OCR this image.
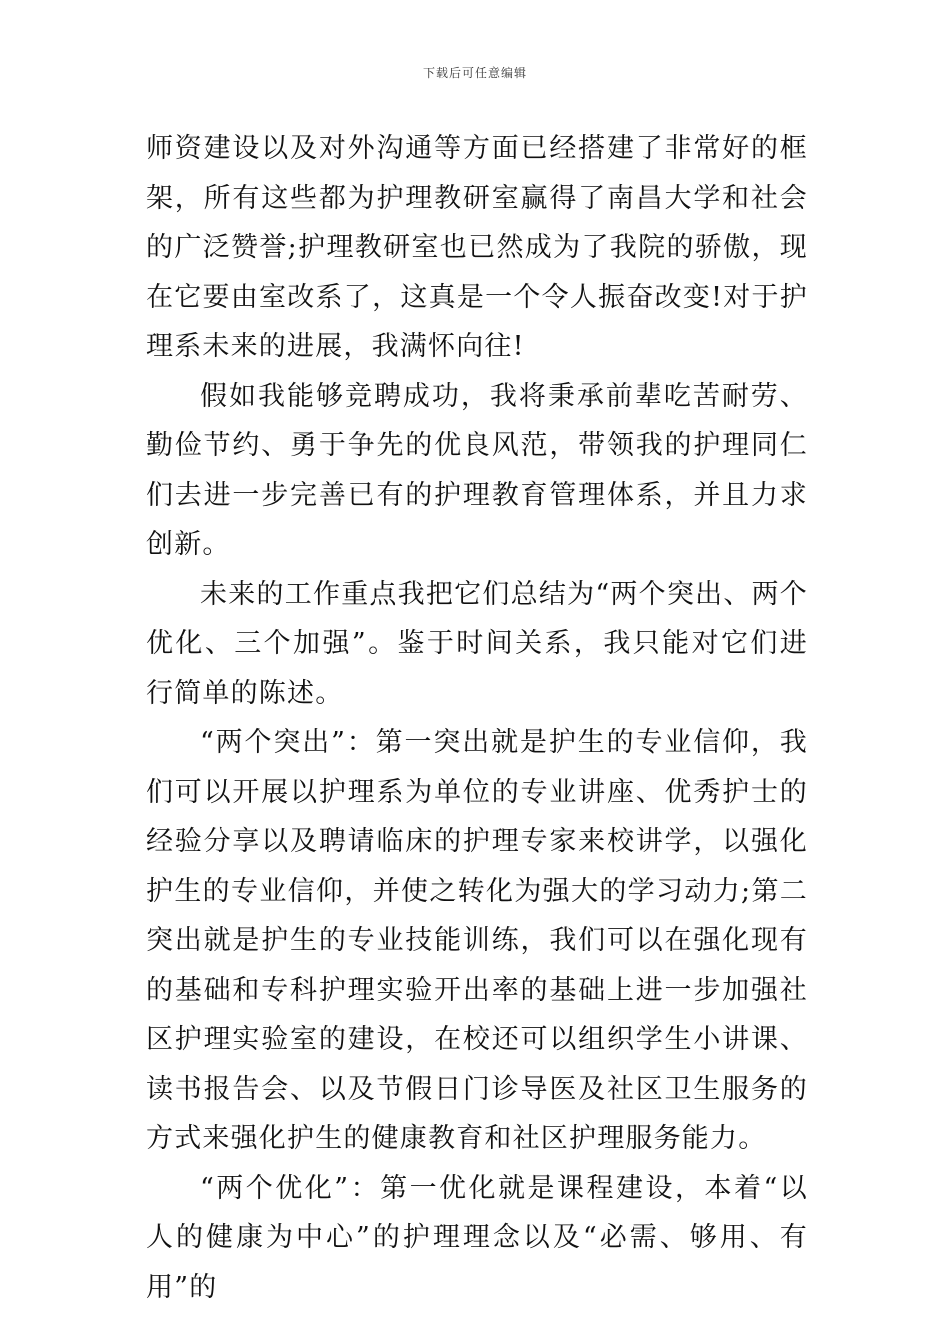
下载后可任意编辑

师资建设以及对外沟通等方面已经搭建了非常好的框架，所有这些都为护理教研室赢得了南昌大学和社会的广泛赞誉;护理教研室也已然成为了我院的骄傲，现在它要由室改系了，这真是一个令人振奋改变!对于护理系未来的进展，我满怀向往!

假如我能够竞聘成功，我将秉承前辈吃苦耐劳、勤俭节约、勇于争先的优良风范，带领我的护理同仁们去进一步完善已有的护理教育管理体系，并且力求创新。

未来的工作重点我把它们总结为“两个突出、两个优化、三个加强”。鉴于时间关系，我只能对它们进行简单的陈述。

“两个突出”：第一突出就是护生的专业信仰，我们可以开展以护理系为单位的专业讲座、优秀护士的经验分享以及聘请临床的护理专家来校讲学，以强化护生的专业信仰，并使之转化为强大的学习动力;第二突出就是护生的专业技能训练，我们可以在强化现有的基础和专科护理实验开出率的基础上进一步加强社区护理实验室的建设，在校还可以组织学生小讲课、读书报告会、以及节假日门诊导医及社区卫生服务的方式来强化护生的健康教育和社区护理服务能力。

“两个优化”：第一优化就是课程建设，本着“以人的健康为中心”的护理理念以及“必需、够用、有用”的
